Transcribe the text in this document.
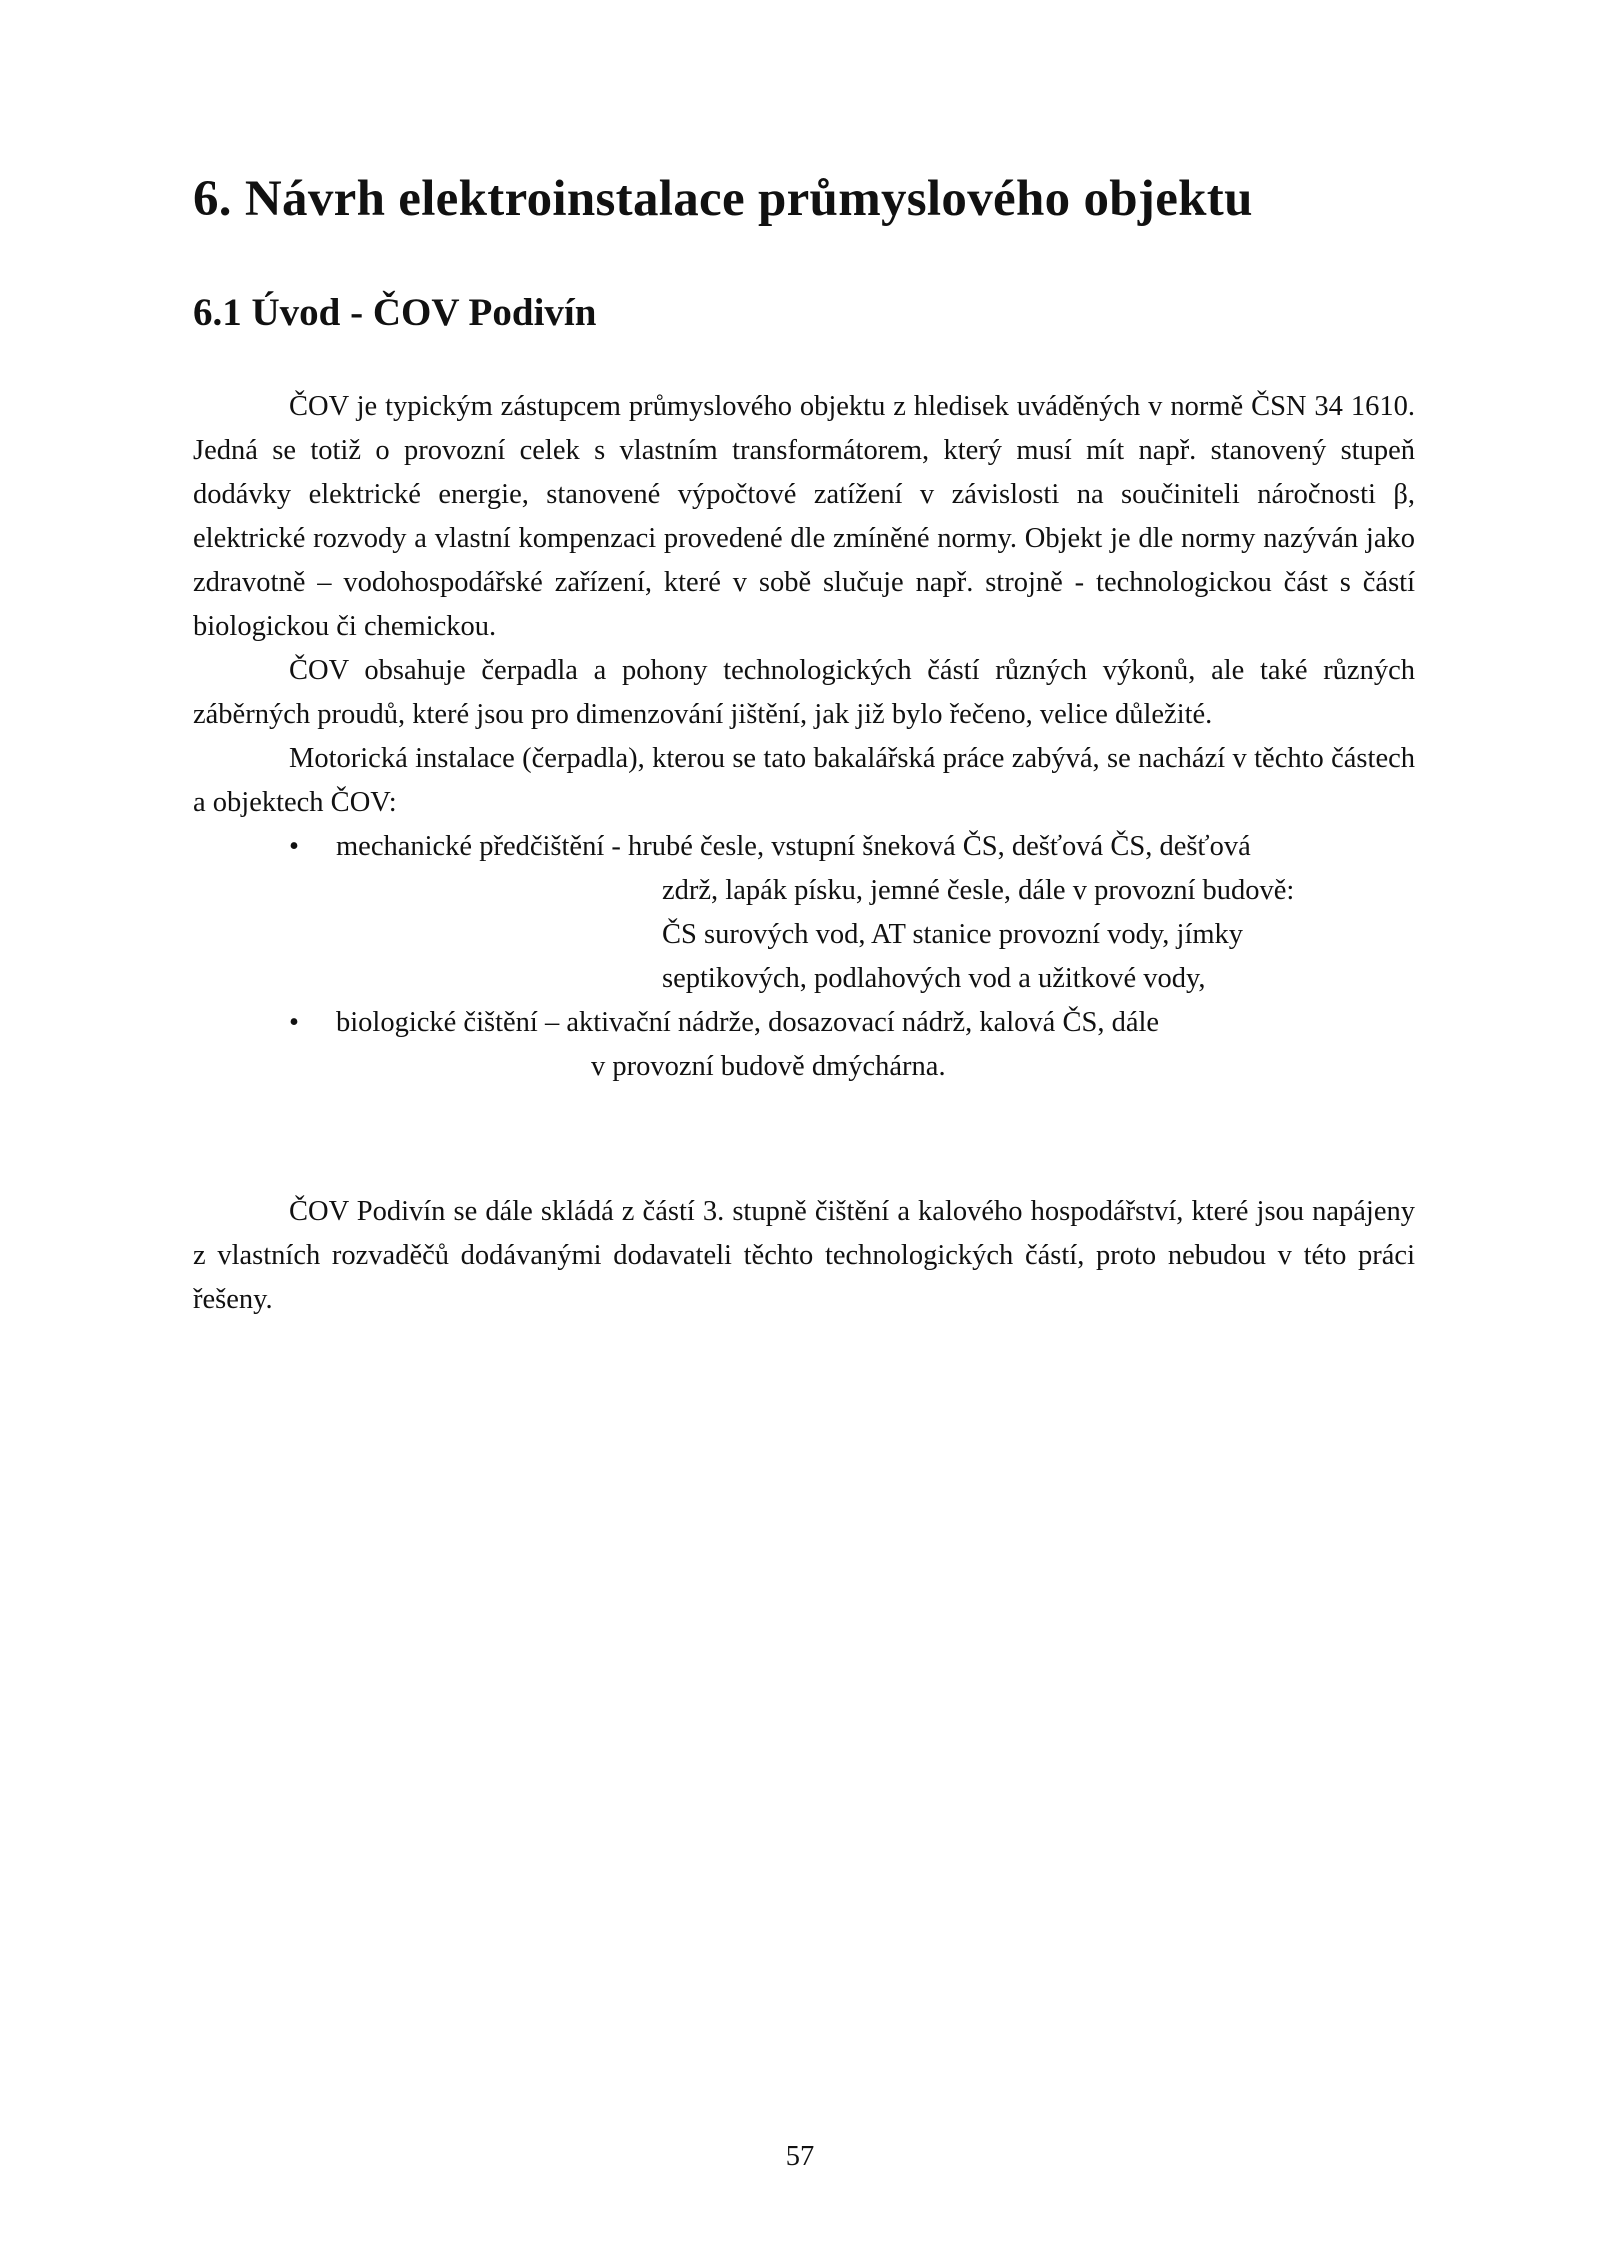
6. Návrh elektroinstalace průmyslového objektu
6.1 Úvod - ČOV Podivín

ČOV je typickým zástupcem průmyslového objektu z hledisek uváděných v normě ČSN 34 1610. Jedná se totiž o provozní celek s vlastním transformátorem, který musí mít např. stanovený stupeň dodávky elektrické energie, stanovené výpočtové zatížení v závislosti na součiniteli náročnosti β, elektrické rozvody a vlastní kompenzaci provedené dle zmíněné normy. Objekt je dle normy nazýván jako zdravotně – vodohospodářské zařízení, které v sobě slučuje např. strojně - technologickou část s částí biologickou či chemickou.

ČOV obsahuje čerpadla a pohony technologických částí různých výkonů, ale také různých záběrných proudů, které jsou pro dimenzování jištění, jak již bylo řečeno, velice důležité.

Motorická instalace (čerpadla), kterou se tato bakalářská práce zabývá, se nachází v těchto částech a objektech ČOV:

• mechanické předčištění - hrubé česle, vstupní šneková ČS, dešťová ČS, dešťová
zdrž, lapák písku, jemné česle, dále v provozní budově:
ČS surových vod, AT stanice provozní vody, jímky
septikových, podlahových vod a užitkové vody,
• biologické čištění – aktivační nádrže, dosazovací nádrž, kalová ČS, dále
v provozní budově dmýchárna.

ČOV Podivín se dále skládá z částí 3. stupně čištění a kalového hospodářství, které jsou napájeny z vlastních rozvaděčů dodávanými dodavateli těchto technologických částí, proto nebudou v této práci řešeny.

57
